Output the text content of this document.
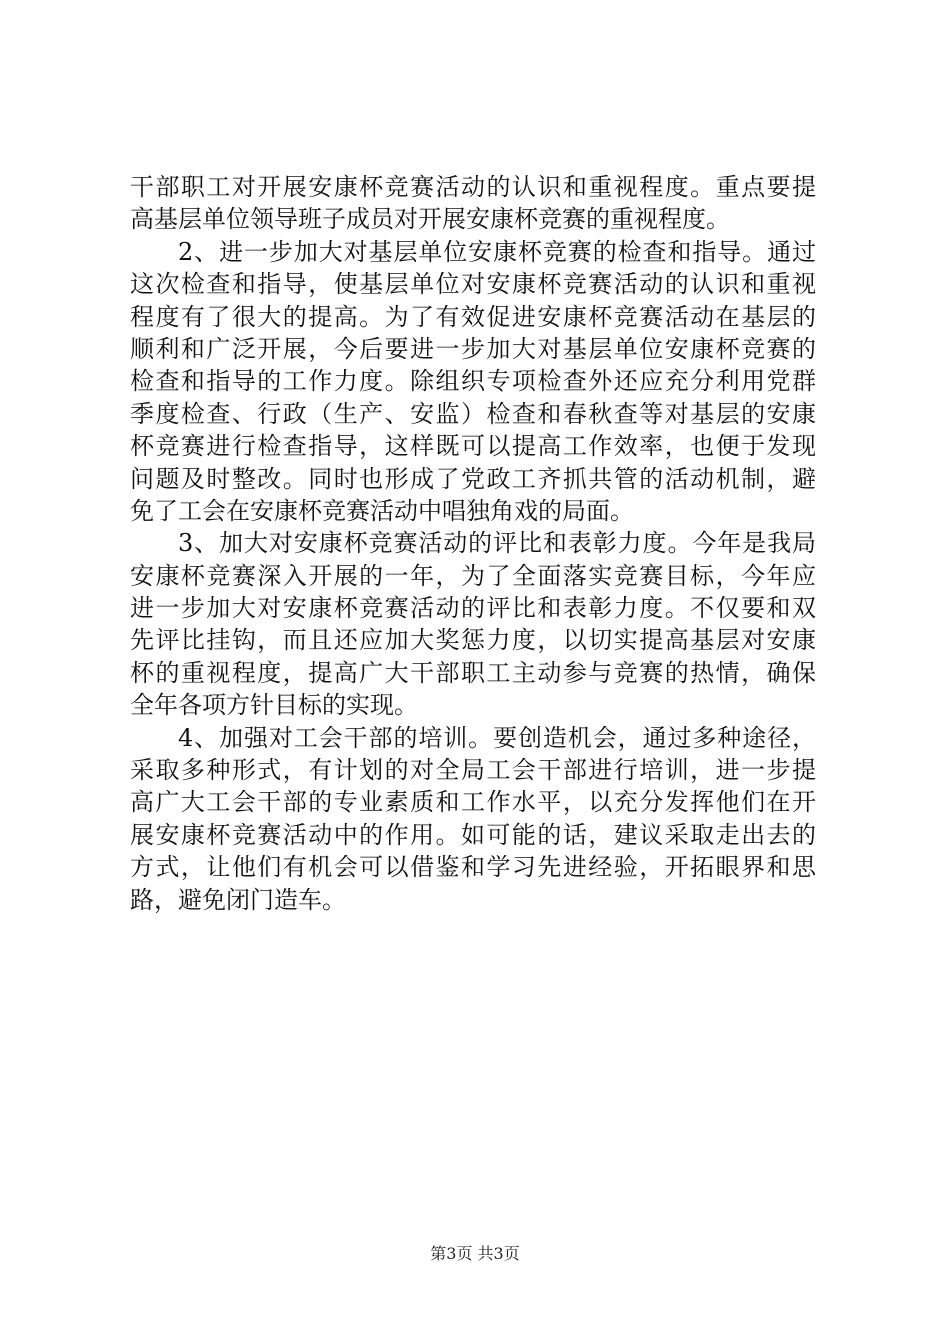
干部职工对开展安康杯竞赛活动的认识和重视程度。重点要提
高基层单位领导班子成员对开展安康杯竞赛的重视程度。
2、进一步加大对基层单位安康杯竞赛的检查和指导。通过
这次检查和指导，使基层单位对安康杯竞赛活动的认识和重视
程度有了很大的提高。为了有效促进安康杯竞赛活动在基层的
顺利和广泛开展，今后要进一步加大对基层单位安康杯竞赛的
检查和指导的工作力度。除组织专项检查外还应充分利用党群
季度检查、行政（生产、安监）检查和春秋查等对基层的安康
杯竞赛进行检查指导，这样既可以提高工作效率，也便于发现
问题及时整改。同时也形成了党政工齐抓共管的活动机制，避
免了工会在安康杯竞赛活动中唱独角戏的局面。
3、加大对安康杯竞赛活动的评比和表彰力度。今年是我局
安康杯竞赛深入开展的一年，为了全面落实竞赛目标，今年应
进一步加大对安康杯竞赛活动的评比和表彰力度。不仅要和双
先评比挂钩，而且还应加大奖惩力度，以切实提高基层对安康
杯的重视程度，提高广大干部职工主动参与竞赛的热情，确保
全年各项方针目标的实现。
4、加强对工会干部的培训。要创造机会，通过多种途径，
采取多种形式，有计划的对全局工会干部进行培训，进一步提
高广大工会干部的专业素质和工作水平，以充分发挥他们在开
展安康杯竞赛活动中的作用。如可能的话，建议采取走出去的
方式，让他们有机会可以借鉴和学习先进经验，开拓眼界和思
路，避免闭门造车。
第3页 共3页
